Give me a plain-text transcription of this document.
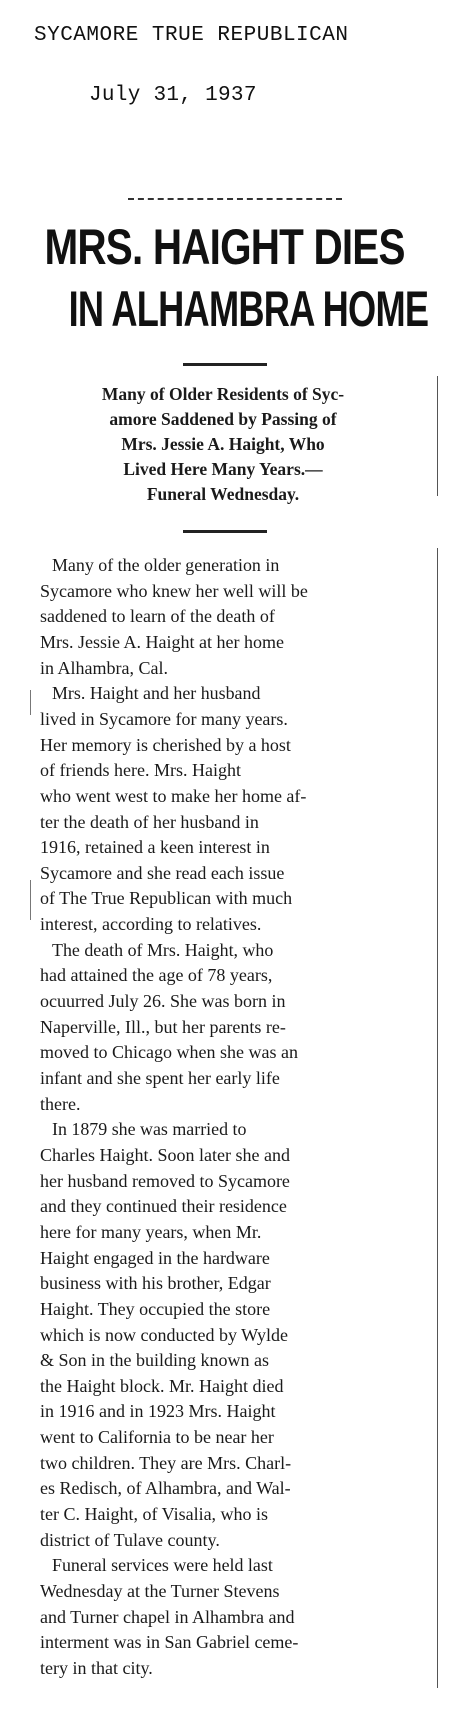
SYCAMORE TRUE REPUBLICAN
July 31, 1937
MRS. HAIGHT DIES
IN ALHAMBRA HOME
Many of Older Residents of Syc-
amore Saddened by Passing of
Mrs. Jessie A. Haight, Who
Lived Here Many Years.—
Funeral Wednesday.
Many of the older generation in
Sycamore who knew her well will be
saddened to learn of the death of
Mrs. Jessie A. Haight at her home
in Alhambra, Cal.
Mrs. Haight and her husband
lived in Sycamore for many years.
Her memory is cherished by a host
of friends here. Mrs. Haight
who went west to make her home af-
ter the death of her husband in
1916, retained a keen interest in
Sycamore and she read each issue
of The True Republican with much
interest, according to relatives.
The death of Mrs. Haight, who
had attained the age of 78 years,
ocuurred July 26. She was born in
Naperville, Ill., but her parents re-
moved to Chicago when she was an
infant and she spent her early life
there.
In 1879 she was married to
Charles Haight. Soon later she and
her husband removed to Sycamore
and they continued their residence
here for many years, when Mr.
Haight engaged in the hardware
business with his brother, Edgar
Haight. They occupied the store
which is now conducted by Wylde
& Son in the building known as
the Haight block. Mr. Haight died
in 1916 and in 1923 Mrs. Haight
went to California to be near her
two children. They are Mrs. Charl-
es Redisch, of Alhambra, and Wal-
ter C. Haight, of Visalia, who is
district of Tulave county.
Funeral services were held last
Wednesday at the Turner Stevens
and Turner chapel in Alhambra and
interment was in San Gabriel ceme-
tery in that city.
